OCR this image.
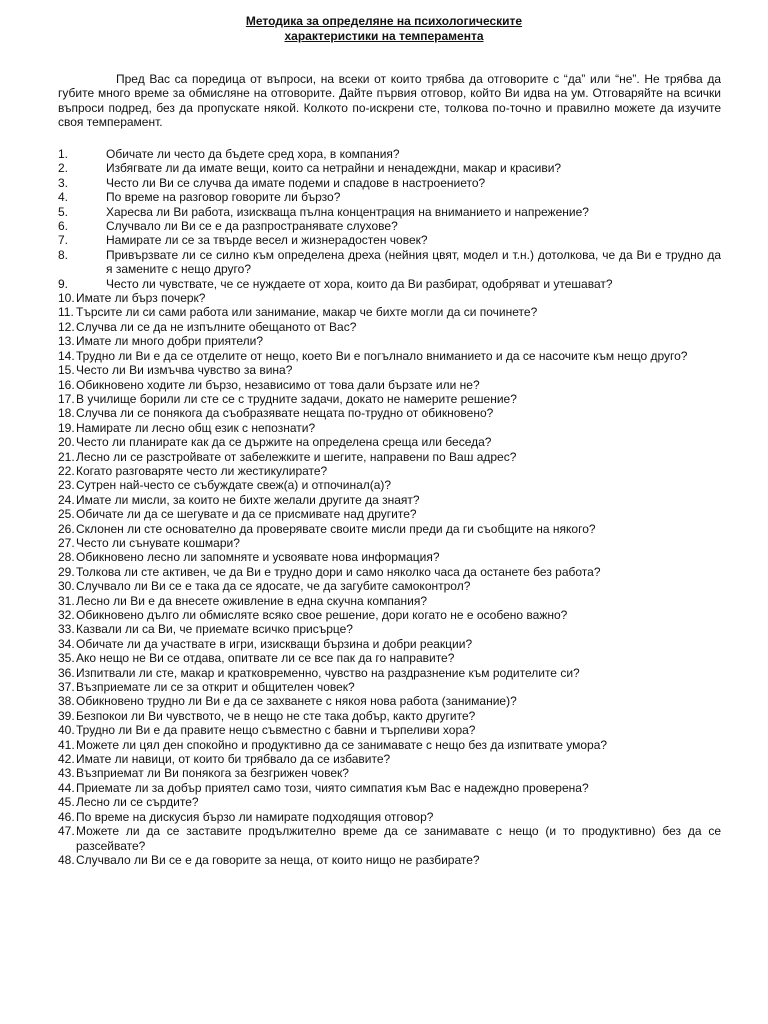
Методика за определяне на психологическите
характеристики на темперамента

Пред Вас са поредица от въпроси, на всеки от които трябва да отговорите с “да” или “не”. Не трябва да губите много време за обмисляне на отговорите. Дайте първия отговор, който Ви идва на ум. Отговаряйте на всички въпроси подред, без да пропускате някой. Колкото по-искрени сте, толкова по-точно и правилно можете да изучите своя темперамент.

1.	Обичате ли често да бъдете сред хора, в компания?
2.	Избягвате ли да имате вещи, които са нетрайни и ненадеждни, макар и красиви?
3.	Често ли Ви се случва да имате подеми и спадове в настроението?
4.	По време на разговор говорите ли бързо?
5.	Харесва ли Ви работа, изискваща пълна концентрация на вниманието и напрежение?
6.	Случвало ли Ви се е да разпространявате слухове?
7.	Намирате ли се за твърде весел и жизнерадостен човек?
8.	Привързвате ли се силно към определена дреха (нейния цвят, модел и т.н.) дотолкова, че да Ви е трудно да я замените с нещо друго?
9.	Често ли чувствате, че се нуждаете от хора, които да Ви разбират, одобряват и утешават?
10. Имате ли бърз почерк?
11. Търсите ли си сами работа или занимание, макар че бихте могли да си починете?
12. Случва ли се да не изпълните обещаното от Вас?
13. Имате ли много добри приятели?
14. Трудно ли Ви е да се отделите от нещо, което Ви е погълнало вниманието и да се насочите към нещо друго?
15. Често ли Ви измъчва чувство за вина?
16. Обикновено ходите ли бързо, независимо от това дали бързате или не?
17. В училище борили ли сте се с трудните задачи, докато не намерите решение?
18. Случва ли се понякога да съобразявате нещата по-трудно от обикновено?
19. Намирате ли лесно общ език с непознати?
20. Често ли планирате как да се държите на определена среща или беседа?
21. Лесно ли се разстройвате от забележките и шегите, направени по Ваш адрес?
22. Когато разговаряте често ли жестикулирате?
23. Сутрен най-често се събуждате свеж(а) и отпочинал(а)?
24. Имате ли мисли, за които не бихте желали другите да знаят?
25. Обичате ли да се шегувате и да се присмивате над другите?
26. Склонен ли сте основателно да проверявате своите мисли преди да ги съобщите на някого?
27. Често ли сънувате кошмари?
28. Обикновено лесно ли запомняте и усвоявате нова информация?
29. Толкова ли сте активен, че да Ви е трудно дори и само няколко часа да останете без работа?
30. Случвало ли Ви се е така да се ядосате, че да загубите самоконтрол?
31. Лесно ли Ви е да внесете оживление в една скучна компания?
32. Обикновено дълго ли обмисляте всяко свое решение, дори когато не е особено важно?
33. Казвали ли са Ви, че приемате всичко присърце?
34. Обичате ли да участвате в игри, изискващи бързина и добри реакции?
35. Ако нещо не Ви се отдава, опитвате ли се все пак да го направите?
36. Изпитвали ли сте, макар и кратковременно, чувство на раздразнение към родителите си?
37. Възприемате ли се за открит и общителен човек?
38. Обикновено трудно ли Ви е да се захванете с някоя нова работа (занимание)?
39. Безпокои ли Ви чувството, че в нещо не сте така добър, както другите?
40. Трудно ли Ви е да правите нещо съвместно с бавни и търпеливи хора?
41. Можете ли цял ден спокойно и продуктивно да се занимавате с нещо без да изпитвате умора?
42. Имате ли навици, от които би трябвало да се избавите?
43. Възприемат ли Ви понякога за безгрижен човек?
44. Приемате ли за добър приятел само този, чиято симпатия към Вас е надеждно проверена?
45. Лесно ли се сърдите?
46. По време на дискусия бързо ли намирате подходящия отговор?
47. Можете ли да се заставите продължително време да се занимавате с нещо (и то продуктивно) без да се разсейвате?
48. Случвало ли Ви се е да говорите за неща, от които нищо не разбирате?
